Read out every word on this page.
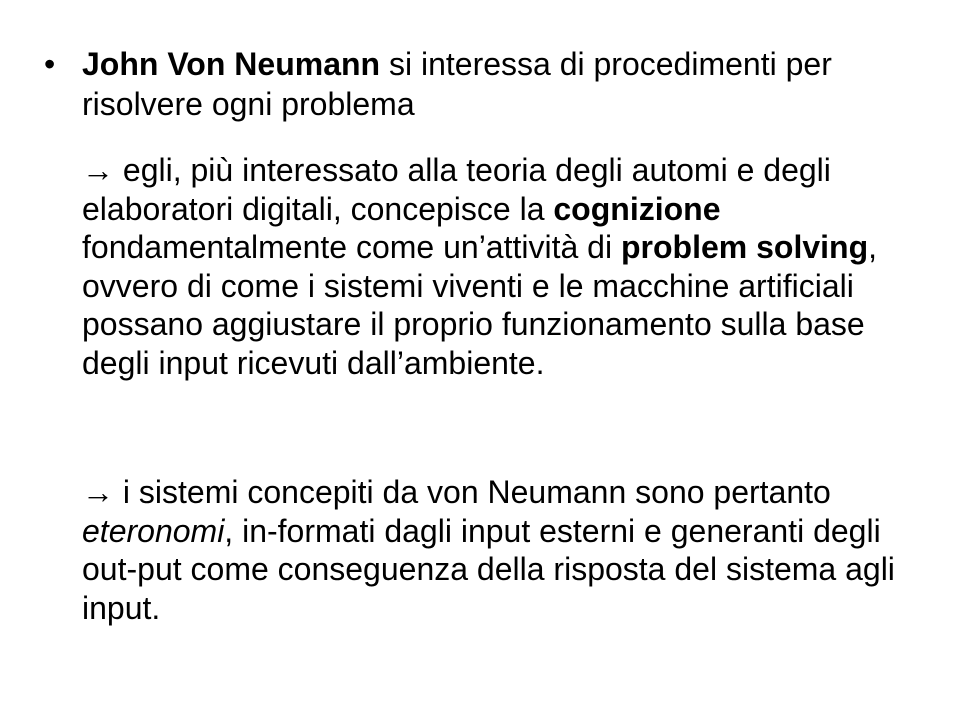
• John Von Neumann si interessa di procedimenti per risolvere ogni problema
→ egli, più interessato alla teoria degli automi e degli elaboratori digitali, concepisce la cognizione fondamentalmente come un’attività di problem solving, ovvero di come i sistemi viventi e le macchine artificiali possano aggiustare il proprio funzionamento sulla base degli input ricevuti dall’ambiente.
→ i sistemi concepiti da von Neumann sono pertanto eteronomi, in-formati dagli input esterni e generanti degli out-put come conseguenza della risposta del sistema agli input.
